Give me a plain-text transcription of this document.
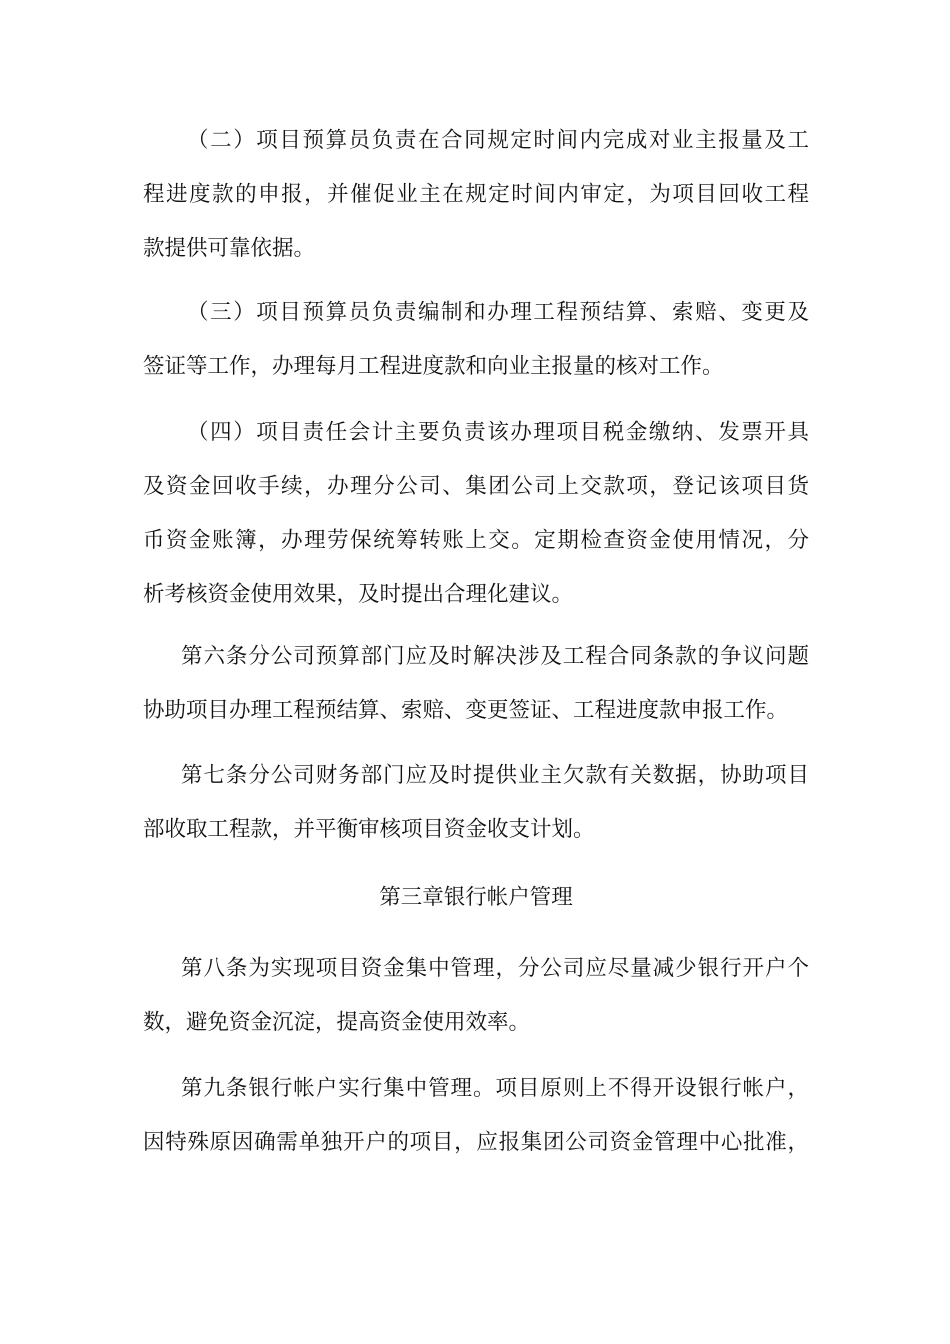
（二）项目预算员负责在合同规定时间内完成对业主报量及工
程进度款的申报，并催促业主在规定时间内审定，为项目回收工程
款提供可靠依据。
（三）项目预算员负责编制和办理工程预结算、索赔、变更及
签证等工作，办理每月工程进度款和向业主报量的核对工作。
（四）项目责任会计主要负责该办理项目税金缴纳、发票开具
及资金回收手续，办理分公司、集团公司上交款项，登记该项目货
币资金账簿，办理劳保统筹转账上交。定期检查资金使用情况，分
析考核资金使用效果，及时提出合理化建议。
第六条分公司预算部门应及时解决涉及工程合同条款的争议问题
协助项目办理工程预结算、索赔、变更签证、工程进度款申报工作。
第七条分公司财务部门应及时提供业主欠款有关数据，协助项目
部收取工程款，并平衡审核项目资金收支计划。
第三章银行帐户管理
第八条为实现项目资金集中管理，分公司应尽量减少银行开户个
数，避免资金沉淀，提高资金使用效率。
第九条银行帐户实行集中管理。项目原则上不得开设银行帐户，
因特殊原因确需单独开户的项目，应报集团公司资金管理中心批准，
